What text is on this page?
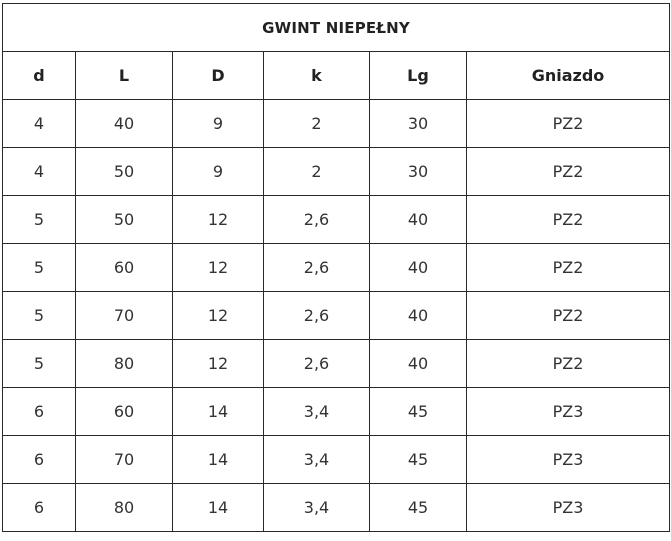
GWINT NIEPEŁNY					
d	L	D	k	Lg	Gniazdo
4	40	9	2	30	PZ2
4	50	9	2	30	PZ2
5	50	12	2,6	40	PZ2
5	60	12	2,6	40	PZ2
5	70	12	2,6	40	PZ2
5	80	12	2,6	40	PZ2
6	60	14	3,4	45	PZ3
6	70	14	3,4	45	PZ3
6	80	14	3,4	45	PZ3
